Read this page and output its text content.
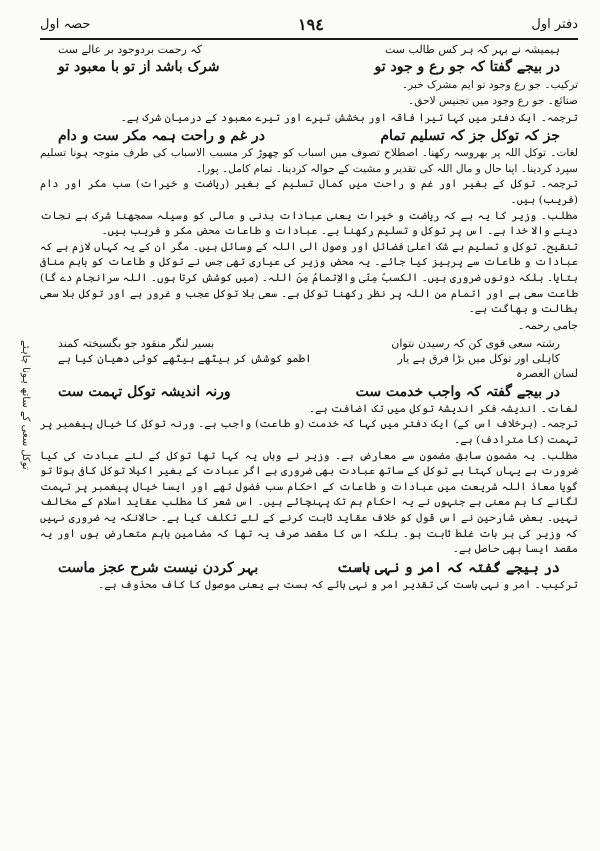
دفتر اول
١٩٤
حصہ اول
ہیمیشہ نے بہر کہ ہر کس طالب ست
کہ رحمت بردوجود بر عالے ست
در بیجے گفتا کہ جو رع و جود تو
شرک باشد از تو با معبود تو
ترکیب۔ جو رع وجود تو ایم مشرک خبر۔
صنائع۔ جو رع وجود میں تجنیس لاحق۔
ترجمہ۔ ایک دفتر میں کہا تیرا فاقہ اور بخشش تیرے اور تیرے معبود کے درمیان شرک ہے۔
جز کہ توکل جز کہ تسلیم تمام
در غم و راحت ہمہ مکر ست و دام
لغات۔ توکل اللہ پر بھروسہ رکھنا۔ اصطلاح تصوف میں اسباب کو چھوڑ کر مسبب الاسباب کی طرف متوجہ ہونا تسلیم سپرد کردینا۔ اپنا حال و مال اللہ کی تقدیر و مشیت کے حوالہ کردینا۔ تمام کامل۔ پورا۔
ترجمہ۔ توکل کے بغیر اور غم و راحت میں کمال تسلیم کے بغیر (ریاضت و خیرات) سب مکر اور دام (فریب) ہیں۔
مطلب۔ وزیر کا یہ ہے کہ ریاضت و خیرات یعنی عبادات بدنی و مالی کو وسیلہ سمجھنا شرک ہے نجات دینے والا خدا ہے۔ اس پر توکل و تسلیم رکھنا ہے۔ عبادات و طاعات محض مکر و فریب ہیں۔
تنقیح۔ توکل و تسلیم بے شک اعلیٰ فضائل اور وصول الی اللہ کے وسائل ہیں۔ مگر ان کے یہ کہاں لازم ہے کہ عبادات و طاعات سے پرہیز کیا جائے۔ یہ محض وزیر کی عیاری تھی جس نے توکل و طاعات کو باہم منافی بتایا۔ بلکہ دونوں ضروری ہیں۔ الکسبُ مِنّی والاِتمامُ مِنَ اللہ۔ (میں کوشش کرتا ہوں۔ اللہ سرانجام دے گا) طاعت سعی ہے اور اتمام من اللہ پر نظر رکھنا توکل ہے۔ سعی بلا توکل عجب و غرور ہے اور توکل بلا سعی بطالت و بھاگت ہے۔
جامی رحمہ۔
رشتہ سعی قوی کن کہ رسیدن نتوان
بسیر لنگر منقود جو بگسیختہ کمند
کاہلی اور توکل میں بڑا فرق ہے یار
اطمو کوشش کر بیٹھے بیٹھے کوئی دھیان کیا ہے
لسان العصرہ
در بیجے گفتہ کہ واجب خدمت ست
ورنہ اندیشہ توکل تہمت ست
لغات۔ اندیشہ فکر اندیشۂ توکل میں تک اضافت ہے۔
ترجمہ۔ (برخلاف اس کے) ایک دفتر میں کہا کہ خدمت (و طاعت) واجب ہے۔ ورنہ توکل کا خیال پیغمبر پر تہمت (کا مترادف) ہے۔
مطلب۔ یہ مضمون سابق مضمون سے معارض ہے۔ وزیر نے وہاں یہ کہا تھا توکل کے لئے عبادت کی کیا ضرورت ہے یہاں کہتا ہے توکل کے ساتھ عبادت بھی ضروری ہے اگر عبادت کے بغیر اکیلا توکل کافی ہوتا تو گویا معاذ اللہ شریعت میں عبادات و طاعات کے احکام سب فضول تھے اور ایسا خیال پیغمبر پر تہمت لگانے کا ہم معنی ہے جنہوں نے یہ احکام ہم تک پہنچائے ہیں۔ اس شعر کا مطلب عقاید اسلام کے مخالف نہیں۔ بعض شارحین نے اس قول کو خلاف عقاید ثابت کرنے کے لئے تکلف کیا ہے۔ حالانکہ یہ ضروری نہیں کہ وزیر کی ہر بات غلط ثابت ہو۔ بلکہ اس کا مقصد صرف یہ تھا کہ مضامین باہم متعارض ہوں اور یہ مقصد ایسا بھی حاصل ہے۔
در بیجے گفتہ کہ امر و نہی ہاست
بہر کردن نیست شرح عجز ماست
ترکیب۔ امر و نہی ہاست کی تقدیر امر و نہی ہائے کہ ہست ہے یعنی موصول کا کاف محذوف ہے۔
توکل سعی کے ساتھ ہونا چاہئے
